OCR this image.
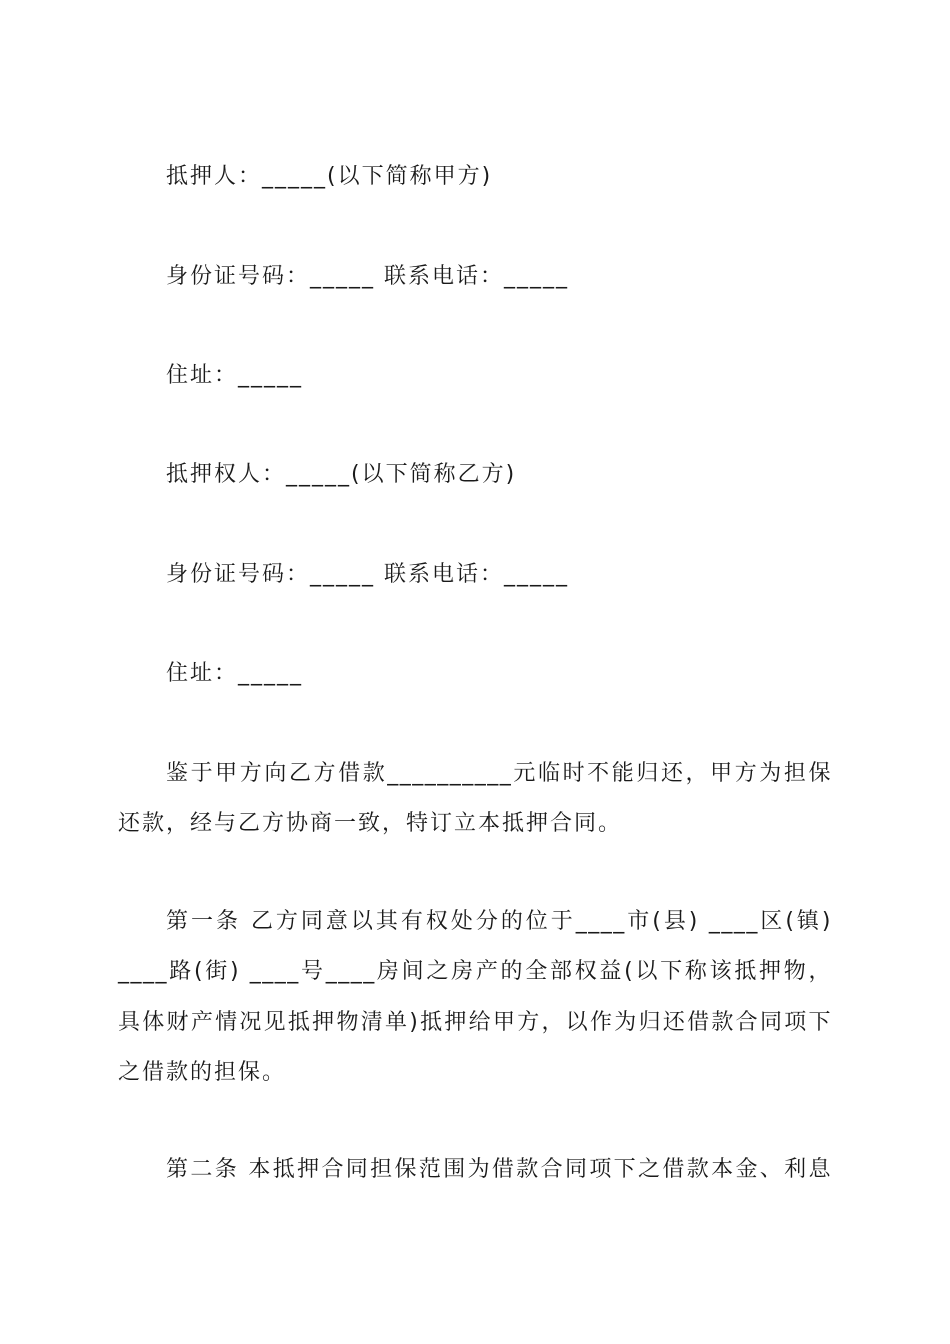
抵押人：_____(以下简称甲方)
身份证号码：_____ 联系电话：_____
住址：_____
抵押权人：_____(以下简称乙方)
身份证号码：_____ 联系电话：_____
住址：_____
鉴于甲方向乙方借款__________元临时不能归还，甲方为担保
还款，经与乙方协商一致，特订立本抵押合同。
第一条 乙方同意以其有权处分的位于____市(县) ____区(镇)
____路(街) ____号____房间之房产的全部权益(以下称该抵押物，
具体财产情况见抵押物清单)抵押给甲方，以作为归还借款合同项下
之借款的担保。
第二条 本抵押合同担保范围为借款合同项下之借款本金、利息
